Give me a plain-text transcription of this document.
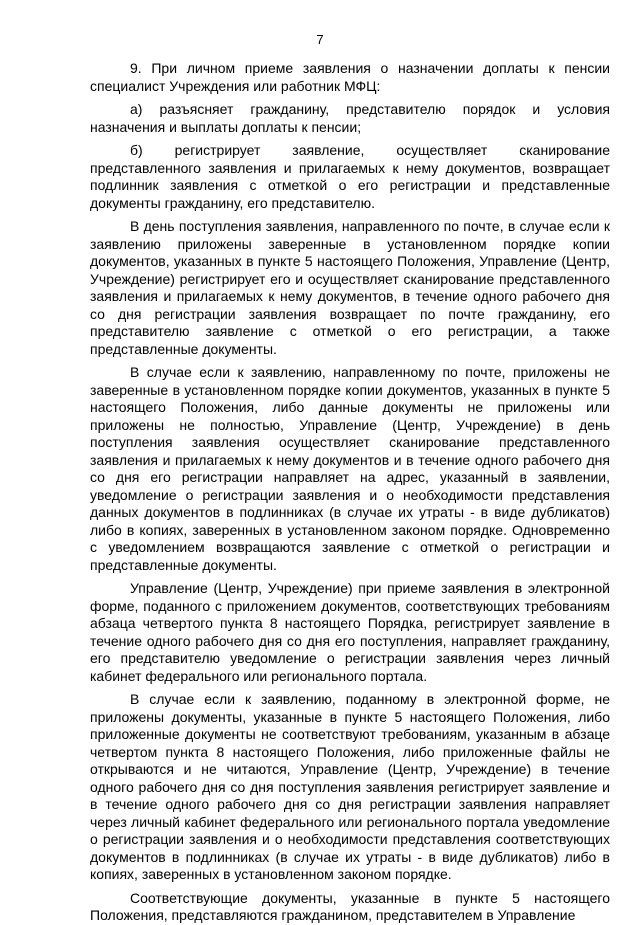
7

9. При личном приеме заявления о назначении доплаты к пенсии специалист Учреждения или работник МФЦ:

а) разъясняет гражданину, представителю порядок и условия назначения и выплаты доплаты к пенсии;

б) регистрирует заявление, осуществляет сканирование представленного заявления и прилагаемых к нему документов, возвращает подлинник заявления с отметкой о его регистрации и представленные документы гражданину, его представителю.

В день поступления заявления, направленного по почте, в случае если к заявлению приложены заверенные в установленном порядке копии документов, указанных в пункте 5 настоящего Положения, Управление (Центр, Учреждение) регистрирует его и осуществляет сканирование представленного заявления и прилагаемых к нему документов, в течение одного рабочего дня со дня регистрации заявления возвращает по почте гражданину, его представителю заявление с отметкой о его регистрации, а также представленные документы.

В случае если к заявлению, направленному по почте, приложены не заверенные в установленном порядке копии документов, указанных в пункте 5 настоящего Положения, либо данные документы не приложены или приложены не полностью, Управление (Центр, Учреждение) в день поступления заявления осуществляет сканирование представленного заявления и прилагаемых к нему документов и в течение одного рабочего дня со дня его регистрации направляет на адрес, указанный в заявлении, уведомление о регистрации заявления и о необходимости представления данных документов в подлинниках (в случае их утраты - в виде дубликатов) либо в копиях, заверенных в установленном законом порядке. Одновременно с уведомлением возвращаются заявление с отметкой о регистрации и представленные документы.

Управление (Центр, Учреждение) при приеме заявления в электронной форме, поданного с приложением документов, соответствующих требованиям абзаца четвертого пункта 8 настоящего Порядка, регистрирует заявление в течение одного рабочего дня со дня его поступления, направляет гражданину, его представителю уведомление о регистрации заявления через личный кабинет федерального или регионального портала.

В случае если к заявлению, поданному в электронной форме, не приложены документы, указанные в пункте 5 настоящего Положения, либо приложенные документы не соответствуют требованиям, указанным в абзаце четвертом пункта 8 настоящего Положения, либо приложенные файлы не открываются и не читаются, Управление (Центр, Учреждение) в течение одного рабочего дня со дня поступления заявления регистрирует заявление и в течение одного рабочего дня со дня регистрации заявления направляет через личный кабинет федерального или регионального портала уведомление о регистрации заявления и о необходимости представления соответствующих документов в подлинниках (в случае их утраты - в виде дубликатов) либо в копиях, заверенных в установленном законом порядке.

Соответствующие документы, указанные в пункте 5 настоящего Положения, представляются гражданином, представителем в Управление
